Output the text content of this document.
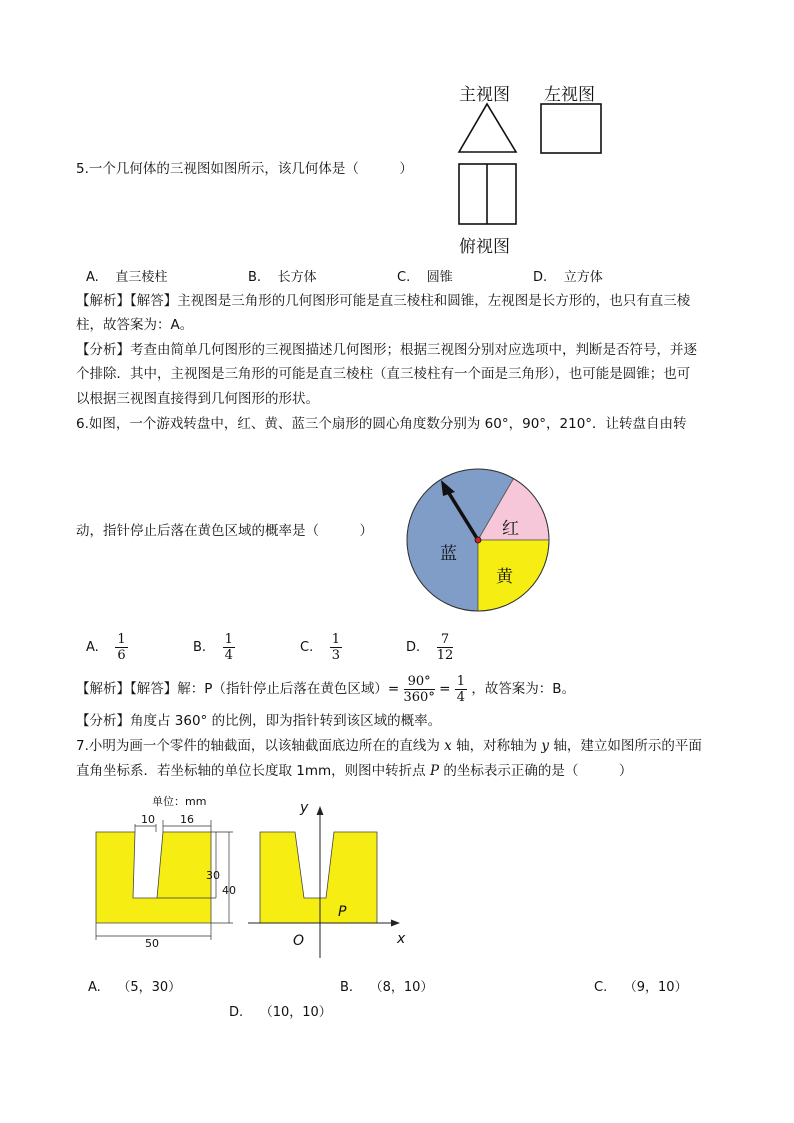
主视图 左视图
俯视图
5.一个几何体的三视图如图所示，该几何体是（　　　）
A. 直三棱柱	B. 长方体	C. 圆锥	D. 立方体
【解析】【解答】主视图是三角形的几何图形可能是直三棱柱和圆锥，左视图是长方形的，也只有直三棱
柱，故答案为：A。
【分析】考查由简单几何图形的三视图描述几何图形；根据三视图分别对应选项中，判断是否符号，并逐
个排除．其中，主视图是三角形的可能是直三棱柱（直三棱柱有一个面是三角形），也可能是圆锥；也可
以根据三视图直接得到几何图形的形状。
6.如图，一个游戏转盘中，红、黄、蓝三个扇形的圆心角度数分别为 60°，90°，210°．让转盘自由转
红
蓝
黄
动，指针停止后落在黄色区域的概率是（　　　）
A. $\frac{1}{6}$	B. $\frac{1}{4}$	C. $\frac{1}{3}$	D. $\frac{7}{12}$
【解析】【解答】解：P（指针停止后落在黄色区域）= $\frac{90^\circ}{360^\circ} = \frac{1}{4}$ ，故答案为：B。
【分析】角度占 360° 的比例，即为指针转到该区域的概率。
7.小明为画一个零件的轴截面，以该轴截面底边所在的直线为 x 轴，对称轴为 y 轴，建立如图所示的平面
直角坐标系．若坐标轴的单位长度取 1mm，则图中转折点 P 的坐标表示正确的是（　　　）
单位：mm
10 16
30
40
50
y
x
O
P
A. （5，30）	B. （8，10）	C. （9，10）
D. （10，10）
